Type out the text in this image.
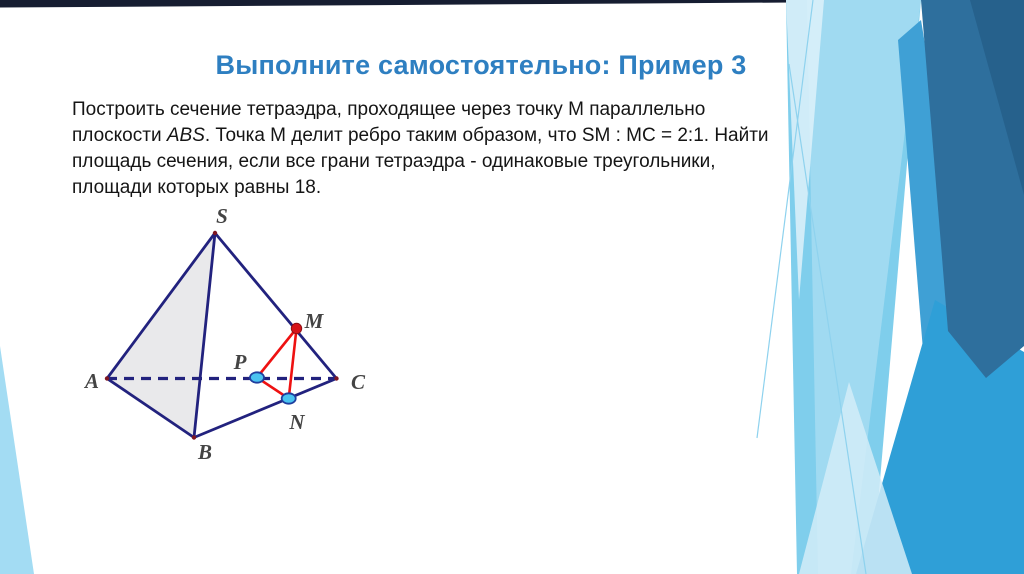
S
A
B
C
M
P
N
Выполните самостоятельно: Пример 3
Построить сечение тетраэдра, проходящее через точку M параллельно
плоскости ABS. Точка M делит ребро таким образом, что SM : MC = 2:1. Найти
площадь сечения, если все грани тетраэдра - одинаковые треугольники,
площади которых равны 18.
